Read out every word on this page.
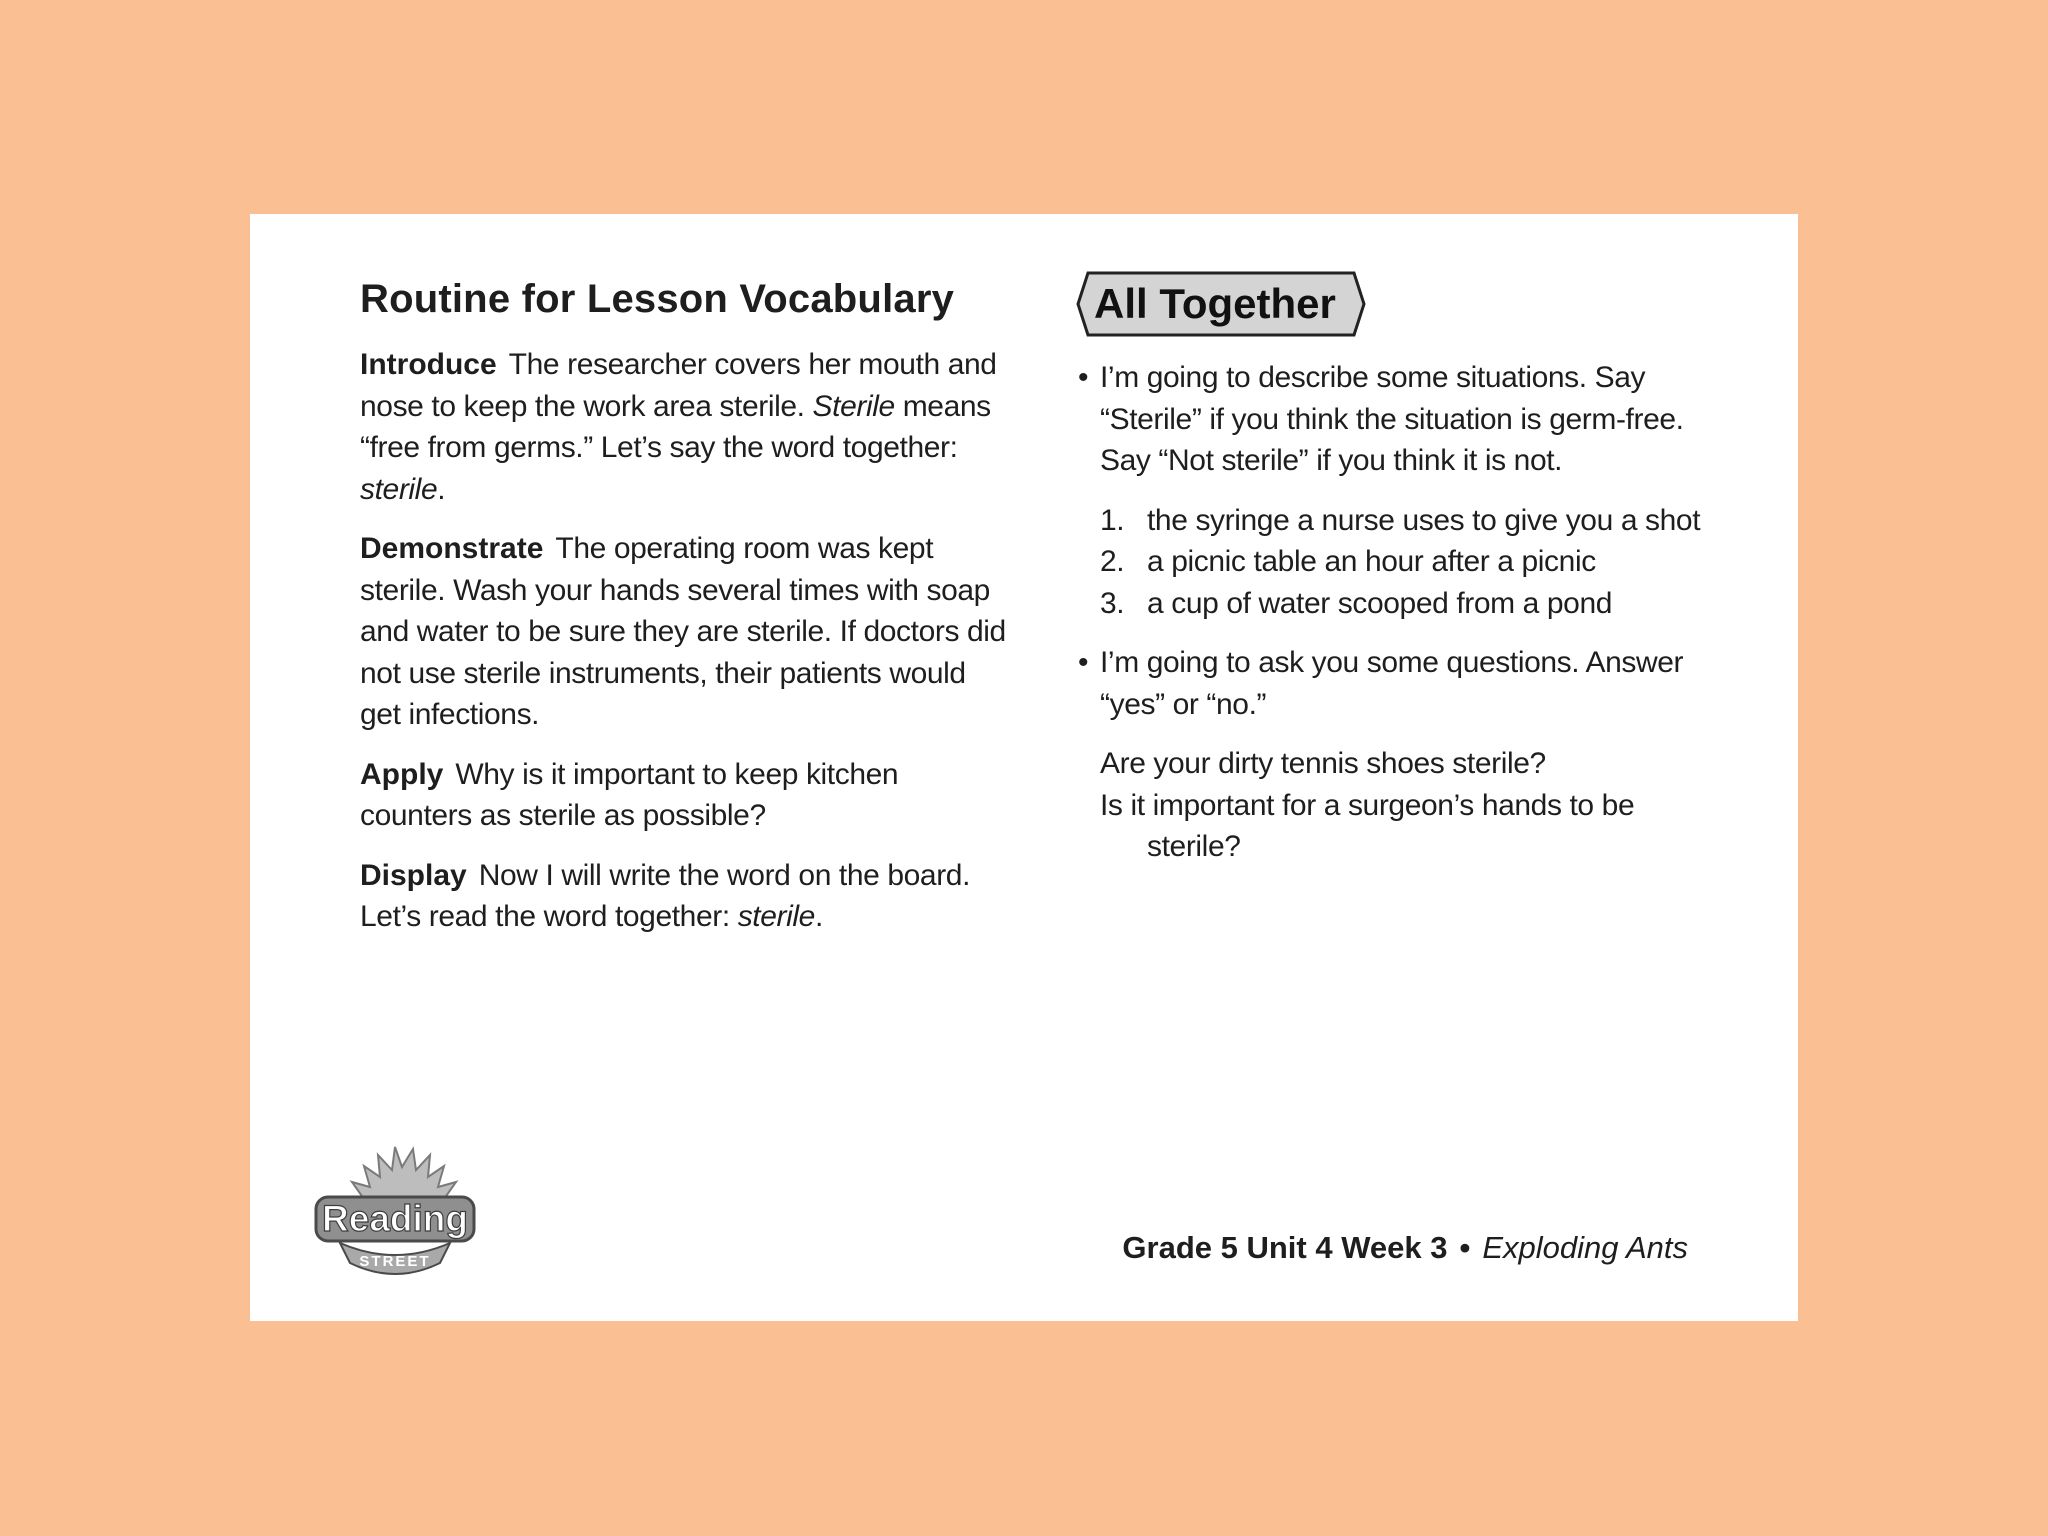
Routine for Lesson Vocabulary

Introduce The researcher covers her mouth and nose to keep the work area sterile. Sterile means “free from germs.” Let’s say the word together: sterile.

Demonstrate The operating room was kept sterile. Wash your hands several times with soap and water to be sure they are sterile. If doctors did not use sterile instruments, their patients would get infections.

Apply Why is it important to keep kitchen counters as sterile as possible?

Display Now I will write the word on the board. Let’s read the word together: sterile.

All Together
• I’m going to describe some situations. Say “Sterile” if you think the situation is germ-free. Say “Not sterile” if you think it is not.
1. the syringe a nurse uses to give you a shot
2. a picnic table an hour after a picnic
3. a cup of water scooped from a pond
• I’m going to ask you some questions. Answer “yes” or “no.”
Are your dirty tennis shoes sterile?
Is it important for a surgeon’s hands to be sterile?
Reading
STREET	Grade 5 Unit 4 Week 3 • Exploding Ants
